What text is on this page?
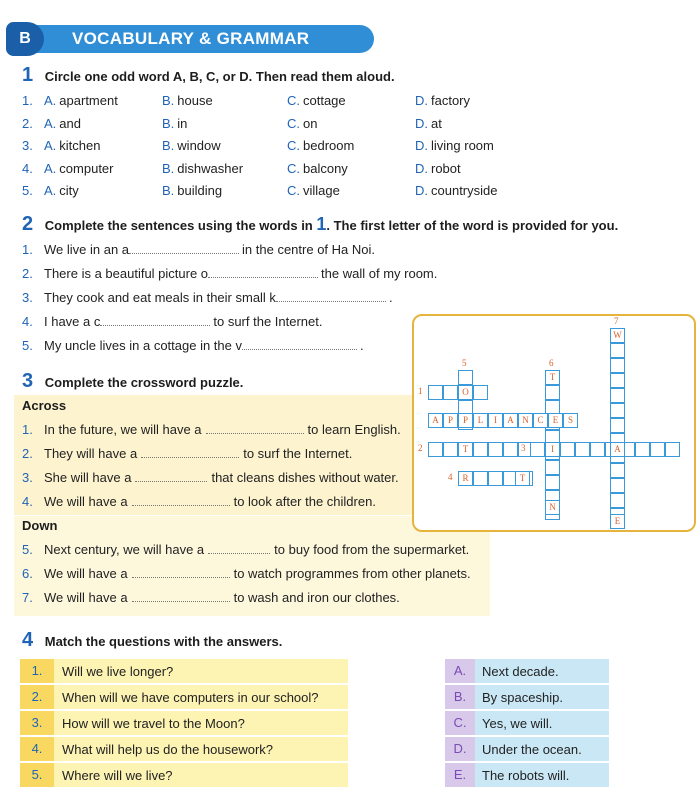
B	VOCABULARY & GRAMMAR
1 Circle one odd word A, B, C, or D. Then read them aloud.
1. A. apartment	B. house	C. cottage	D. factory
2. A. and	B. in	C. on	D. at
3. A. kitchen	B. window	C. bedroom	D. living room
4. A. computer	B. dishwasher	C. balcony	D. robot
5. A. city	B. building	C. village	D. countryside
2 Complete the sentences using the words in 1. The first letter of the word is provided for you.
1. We live in an a	in the centre of Ha Noi.
2. There is a beautiful picture o	the wall of my room.
3. They cook and eat meals in their small k	.
4. I have a c	to surf the Internet.
5. My uncle lives in a cottage in the v	.
3 Complete the crossword puzzle.
Across
Down
1. In the future, we will have a	to learn English.
2. They will have a	to surf the Internet.
3. She will have a	that cleans dishes without water.
4. We will have a	to look after the children.
5. Next century, we will have a	to buy food from the supermarket.
6. We will have a	to watch programmes from other planets.
7. We will have a	to wash and iron our clothes.
W
O
T
A	P	P	L	I	A N C	E	S
T	I
R
A
T
N
E
1
2	3
4
5	6
7
4 Match the questions with the answers.
1.	Will we live longer?	A.	Next decade.
2.	When will we have computers in our school?	B.	By spaceship.
3.	How will we travel to the Moon?	C.	Yes, we will.
4.	What will help us do the housework?	D.	Under the ocean.
5.	Where will we live?	E.	The robots will.
